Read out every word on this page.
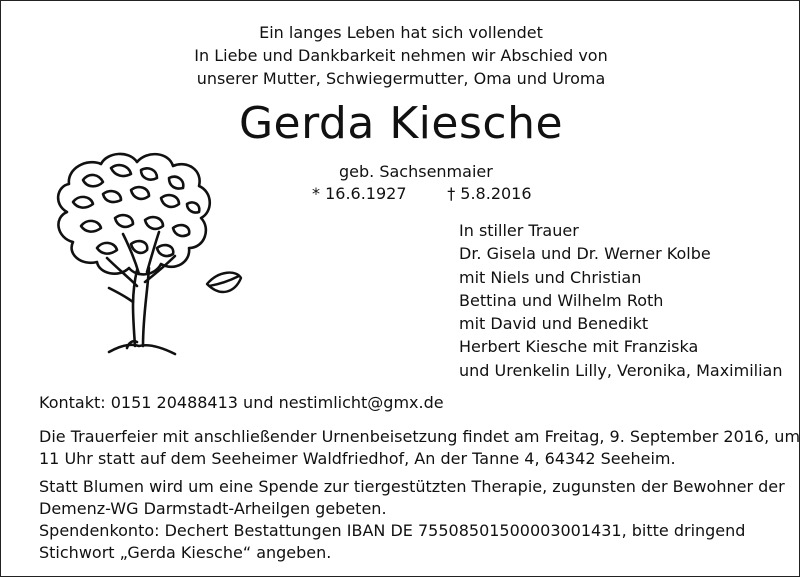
Ein langes Leben hat sich vollendet
In Liebe und Dankbarkeit nehmen wir Abschied von
unserer Mutter, Schwiegermutter, Oma und Uroma
Gerda Kiesche
geb. Sachsenmaier
* 16.6.1927	† 5.8.2016
In stiller Trauer
Dr. Gisela und Dr. Werner Kolbe
mit Niels und Christian
Bettina und Wilhelm Roth
mit David und Benedikt
Herbert Kiesche mit Franziska
und Urenkelin Lilly, Veronika, Maximilian
Kontakt: 0151 20488413 und nestimlicht@gmx.de
Die Trauerfeier mit anschließender Urnenbeisetzung findet am Freitag, 9. September 2016, um
11 Uhr statt auf dem Seeheimer Waldfriedhof, An der Tanne 4, 64342 Seeheim.
Statt Blumen wird um eine Spende zur tiergestützten Therapie, zugunsten der Bewohner der
Demenz-WG Darmstadt-Arheilgen gebeten.
Spendenkonto: Dechert Bestattungen IBAN DE 75508501500003001431, bitte dringend
Stichwort „Gerda Kiesche“ angeben.
